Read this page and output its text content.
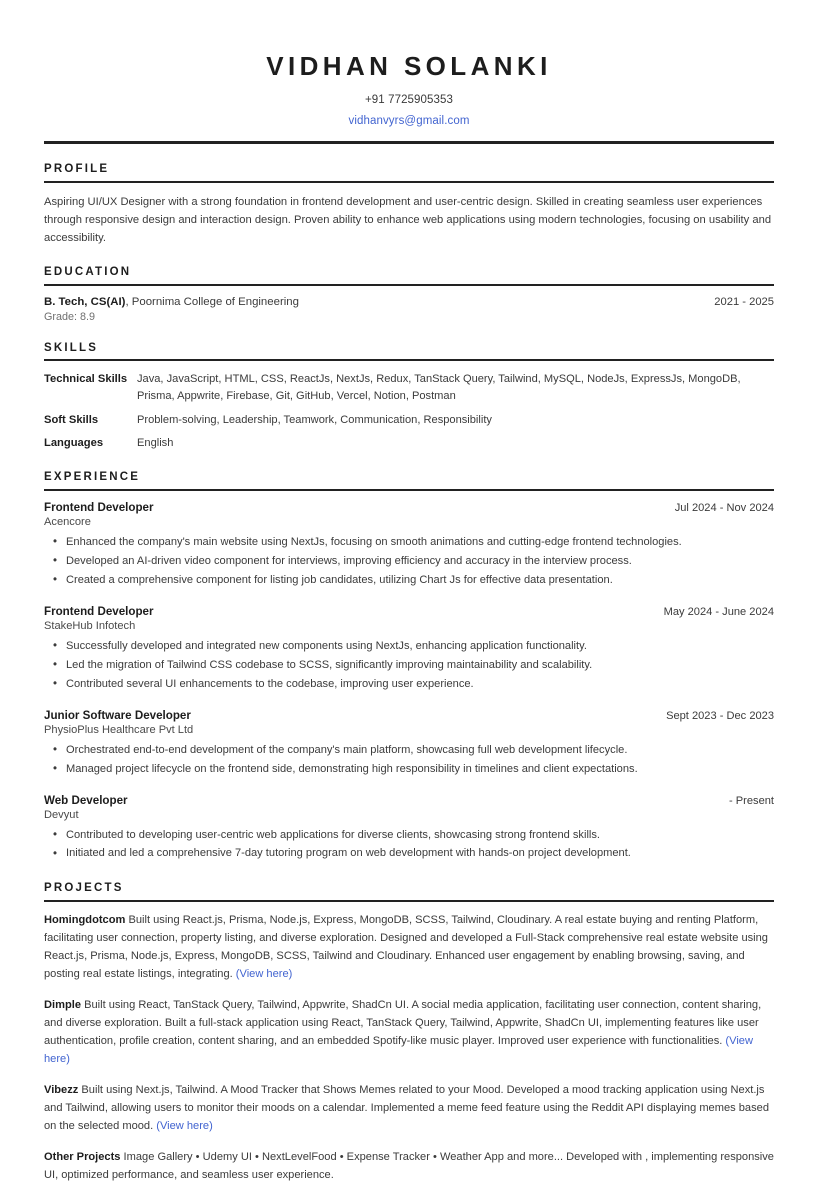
VIDHAN SOLANKI
+91 7725905353
vidhanvyrs@gmail.com
PROFILE
Aspiring UI/UX Designer with a strong foundation in frontend development and user-centric design. Skilled in creating seamless user experiences through responsive design and interaction design. Proven ability to enhance web applications using modern technologies, focusing on usability and accessibility.
EDUCATION
B. Tech, CS(AI), Poornima College of Engineering	2021 - 2025
Grade: 8.9
SKILLS
Technical Skills Java, JavaScript, HTML, CSS, ReactJs, NextJs, Redux, TanStack Query, Tailwind, MySQL, NodeJs, ExpressJs, MongoDB, Prisma, Appwrite, Firebase, Git, GitHub, Vercel, Notion, Postman
Soft Skills	Problem-solving, Leadership, Teamwork, Communication, Responsibility
Languages	English
EXPERIENCE
Frontend Developer	Jul 2024 - Nov 2024
Acencore
• Enhanced the company's main website using NextJs, focusing on smooth animations and cutting-edge frontend technologies.
• Developed an AI-driven video component for interviews, improving efficiency and accuracy in the interview process.
• Created a comprehensive component for listing job candidates, utilizing Chart Js for effective data presentation.
Frontend Developer	May 2024 - June 2024
StakeHub Infotech
• Successfully developed and integrated new components using NextJs, enhancing application functionality.
• Led the migration of Tailwind CSS codebase to SCSS, significantly improving maintainability and scalability.
• Contributed several UI enhancements to the codebase, improving user experience.
Junior Software Developer	Sept 2023 - Dec 2023
PhysioPlus Healthcare Pvt Ltd
• Orchestrated end-to-end development of the company's main platform, showcasing full web development lifecycle.
• Managed project lifecycle on the frontend side, demonstrating high responsibility in timelines and client expectations.
Web Developer	- Present
Devyut
• Contributed to developing user-centric web applications for diverse clients, showcasing strong frontend skills.
• Initiated and led a comprehensive 7-day tutoring program on web development with hands-on project development.
PROJECTS
Homingdotcom Built using React.js, Prisma, Node.js, Express, MongoDB, SCSS, Tailwind, Cloudinary. A real estate buying and renting Platform, facilitating user connection, property listing, and diverse exploration. Designed and developed a Full-Stack comprehensive real estate website using React.js, Prisma, Node.js, Express, MongoDB, SCSS, Tailwind and Cloudinary. Enhanced user engagement by enabling browsing, saving, and posting real estate listings, integrating. (View here)
Dimple Built using React, TanStack Query, Tailwind, Appwrite, ShadCn UI. A social media application, facilitating user connection, content sharing, and diverse exploration. Built a full-stack application using React, TanStack Query, Tailwind, Appwrite, ShadCn UI, implementing features like user authentication, profile creation, content sharing, and an embedded Spotify-like music player. Improved user experience with functionalities. (View here)
Vibezz Built using Next.js, Tailwind. A Mood Tracker that Shows Memes related to your Mood. Developed a mood tracking application using Next.js and Tailwind, allowing users to monitor their moods on a calendar. Implemented a meme feed feature using the Reddit API displaying memes based on the selected mood. (View here)
Other Projects Image Gallery • Udemy UI • NextLevelFood • Expense Tracker • Weather App and more... Developed with , implementing responsive UI, optimized performance, and seamless user experience.
